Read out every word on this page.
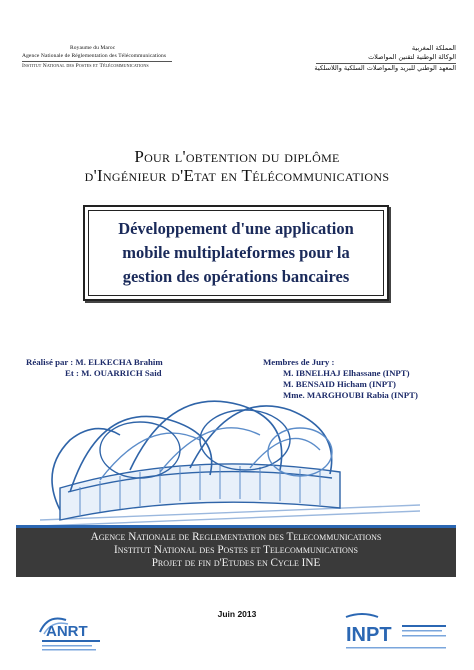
Royaume du Maroc
Agence Nationale de Réglementation des Télécommunications
Institut National des Postes et Télécommunications
المملكة المغربية
الوكالة الوطنية لتقنين المواصلات
المعهد الوطني للبريد والمواصلات السلكية واللاسلكية
Pour l'obtention du diplôme
d'Ingénieur d'Etat en Télécommunications
Développement d'une application
mobile multiplateformes pour la
gestion des opérations bancaires
Réalisé par : M. ELKECHA Brahim
Et : M. OUARRICH Said
Membres de Jury :
M. IBNELHAJ Elhassane (INPT)
M. BENSAID Hicham (INPT)
Mme. MARGHOUBI Rabia (INPT)
Agence Nationale de Reglementation des Telecommunications
Institut National des Postes et Telecommunications
Projet de fin d'Etudes en Cycle INE
Juin 2013
ANRT	INPT
